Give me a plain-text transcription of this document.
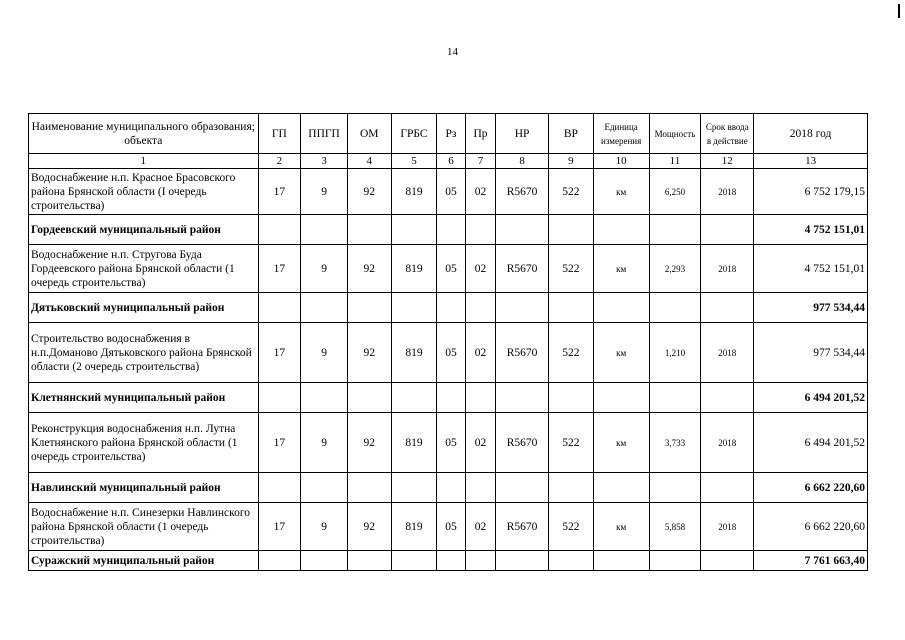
14
Наименование муниципального образования; объекта	ГП	ППГП	ОМ	ГРБС	Рз	Пр	НР	ВР	Единица измерения	Мощность	Срок ввода в действие	2018 год
1	2	3	4	5	6	7	8	9	10	11	12	13
Водоснабжение н.п. Красное Брасовского района Брянской области (I очередь строительства)	17	9	92	819	05	02	R5670	522	км	6,250	2018	6 752 179,15
Гордеевский муниципальный район												4 752 151,01
Водоснабжение н.п. Стругова Буда Гордеевского района Брянской области (1 очередь строительства)	17	9	92	819	05	02	R5670	522	км	2,293	2018	4 752 151,01
Дятьковский муниципальный район												977 534,44
Строительство водоснабжения в н.п.Доманово Дятьковского района Брянской области (2 очередь строительства)	17	9	92	819	05	02	R5670	522	км	1,210	2018	977 534,44
Клетнянский муниципальный район												6 494 201,52
Реконструкция водоснабжения н.п. Лутна Клетнянского района Брянской области (1 очередь строительства)	17	9	92	819	05	02	R5670	522	км	3,733	2018	6 494 201,52
Навлинский муниципальный район												6 662 220,60
Водоснабжение н.п. Синезерки Навлинского района Брянской области (1 очередь строительства)	17	9	92	819	05	02	R5670	522	км	5,858	2018	6 662 220,60
Суражский муниципальный район												7 761 663,40
